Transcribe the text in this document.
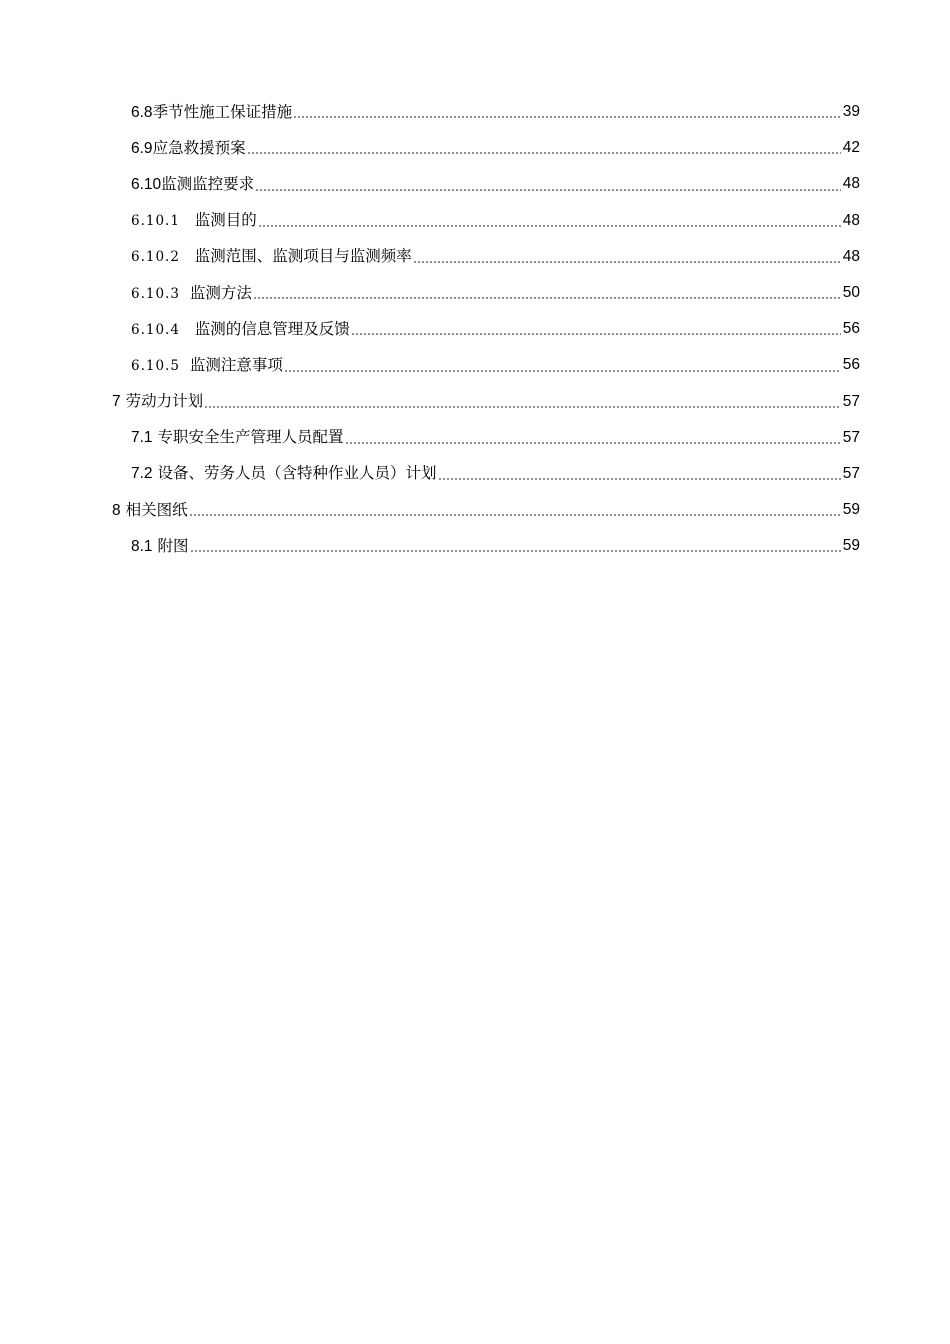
6.8季节性施工保证措施	39
6.9应急救援预案	42
6.10监测监控要求	48
6.10.1 监测目的	48
6.10.2 监测范围、监测项目与监测频率	48
6.10.3 监测方法	50
6.10.4 监测的信息管理及反馈	56
6.10.5 监测注意事项	56
7 劳动力计划	57
7.1 专职安全生产管理人员配置	57
7.2 设备、劳务人员（含特种作业人员）计划	57
8 相关图纸	59
8.1 附图	59
